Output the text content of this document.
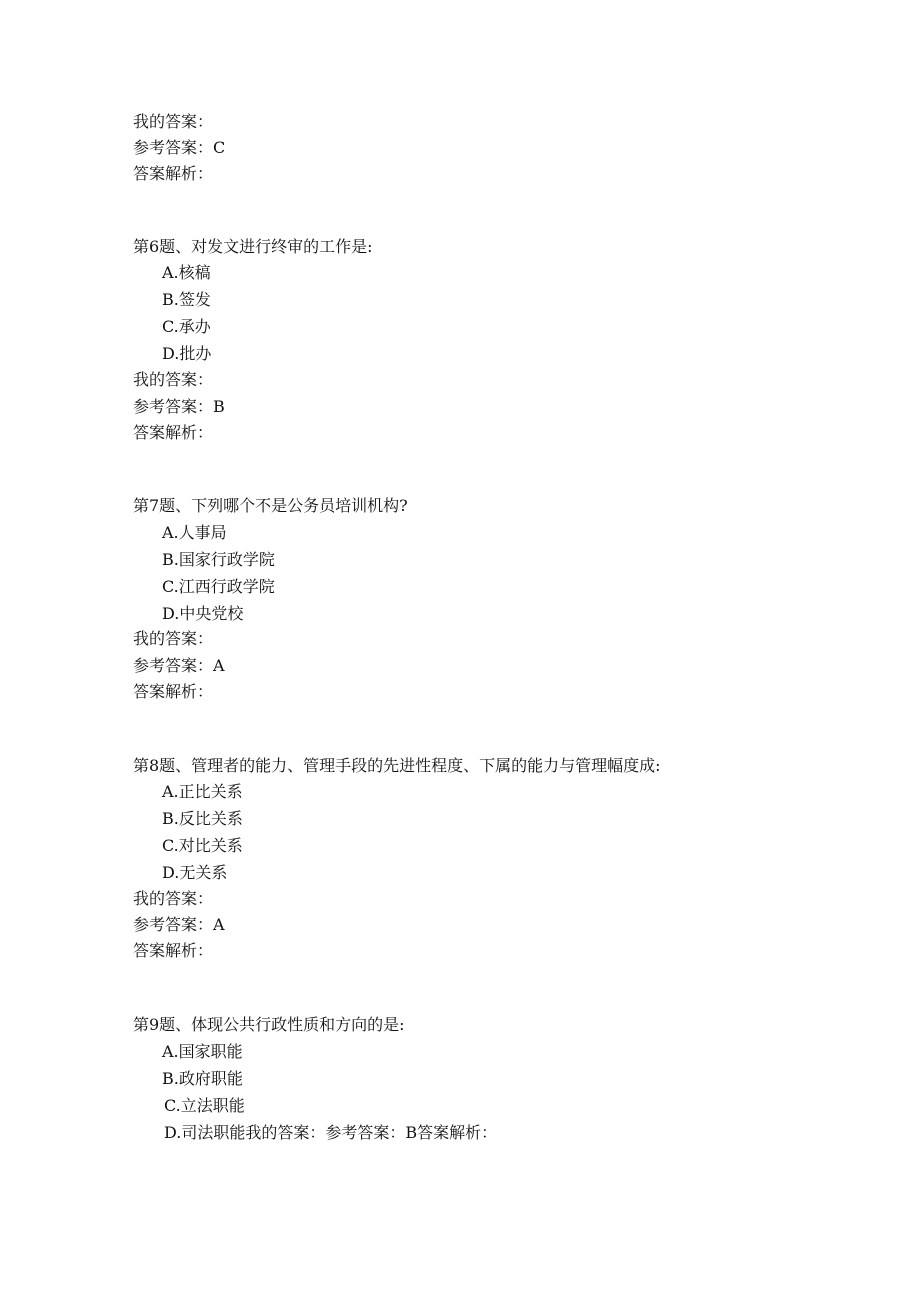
我的答案：
参考答案：C
答案解析：
第6题、对发文进行终审的工作是:
A.核稿
B.签发
C.承办
D.批办
我的答案：
参考答案：B
答案解析：
第7题、下列哪个不是公务员培训机构?
A.人事局
B.国家行政学院
C.江西行政学院
D.中央党校
我的答案：
参考答案：A
答案解析：
第8题、管理者的能力、管理手段的先进性程度、下属的能力与管理幅度成:
A.正比关系
B.反比关系
C.对比关系
D.无关系
我的答案：
参考答案：A
答案解析：
第9题、体现公共行政性质和方向的是:
A.国家职能
B.政府职能
C.立法职能
D.司法职能我的答案：参考答案：B答案解析：
